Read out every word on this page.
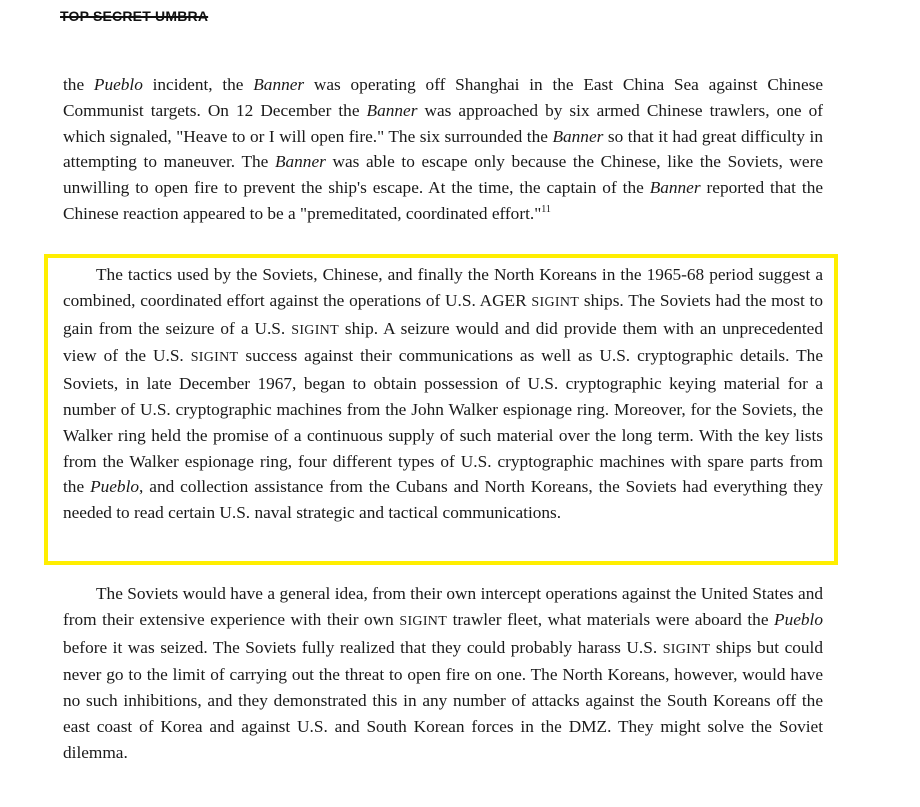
TOP SECRET UMBRA

the Pueblo incident, the Banner was operating off Shanghai in the East China Sea against Chinese Communist targets. On 12 December the Banner was approached by six armed Chinese trawlers, one of which signaled, "Heave to or I will open fire." The six surrounded the Banner so that it had great difficulty in attempting to maneuver. The Banner was able to escape only because the Chinese, like the Soviets, were unwilling to open fire to prevent the ship's escape. At the time, the captain of the Banner reported that the Chinese reaction appeared to be a "premeditated, coordinated effort."$^{11}$

The tactics used by the Soviets, Chinese, and finally the North Koreans in the 1965-68 period suggest a combined, coordinated effort against the operations of U.S. AGER SIGINT ships. The Soviets had the most to gain from the seizure of a U.S. SIGINT ship. A seizure would and did provide them with an unprecedented view of the U.S. SIGINT success against their communications as well as U.S. cryptographic details. The Soviets, in late December 1967, began to obtain possession of U.S. cryptographic keying material for a number of U.S. cryptographic machines from the John Walker espionage ring. Moreover, for the Soviets, the Walker ring held the promise of a continuous supply of such material over the long term. With the key lists from the Walker espionage ring, four different types of U.S. cryptographic machines with spare parts from the Pueblo, and collection assistance from the Cubans and North Koreans, the Soviets had everything they needed to read certain U.S. naval strategic and tactical communications.

The Soviets would have a general idea, from their own intercept operations against the United States and from their extensive experience with their own SIGINT trawler fleet, what materials were aboard the Pueblo before it was seized. The Soviets fully realized that they could probably harass U.S. SIGINT ships but could never go to the limit of carrying out the threat to open fire on one. The North Koreans, however, would have no such inhibitions, and they demonstrated this in any number of attacks against the South Koreans off the east coast of Korea and against U.S. and South Korean forces in the DMZ. They might solve the Soviet dilemma.
